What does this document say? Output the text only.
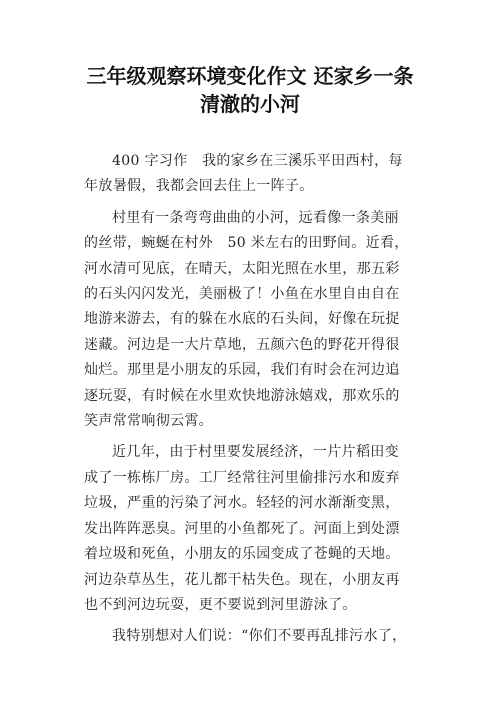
三年级观察环境变化作文 还家乡一条
清澈的小河
400 字习作　我的家乡在三溪乐平田西村，每
年放暑假，我都会回去住上一阵子。
村里有一条弯弯曲曲的小河，远看像一条美丽
的丝带，蜿蜒在村外　50 米左右的田野间。近看，
河水清可见底，在晴天，太阳光照在水里，那五彩
的石头闪闪发光，美丽极了！小鱼在水里自由自在
地游来游去，有的躲在水底的石头间，好像在玩捉
迷藏。河边是一大片草地，五颜六色的野花开得很
灿烂。那里是小朋友的乐园，我们有时会在河边追
逐玩耍，有时候在水里欢快地游泳嬉戏，那欢乐的
笑声常常响彻云霄。
近几年，由于村里要发展经济，一片片稻田变
成了一栋栋厂房。工厂经常往河里偷排污水和废弃
垃圾，严重的污染了河水。轻轻的河水渐渐变黑，
发出阵阵恶臭。河里的小鱼都死了。河面上到处漂
着垃圾和死鱼，小朋友的乐园变成了苍蝇的天地。
河边杂草丛生，花儿都干枯失色。现在，小朋友再
也不到河边玩耍，更不要说到河里游泳了。
我特别想对人们说：“你们不要再乱排污水了，
